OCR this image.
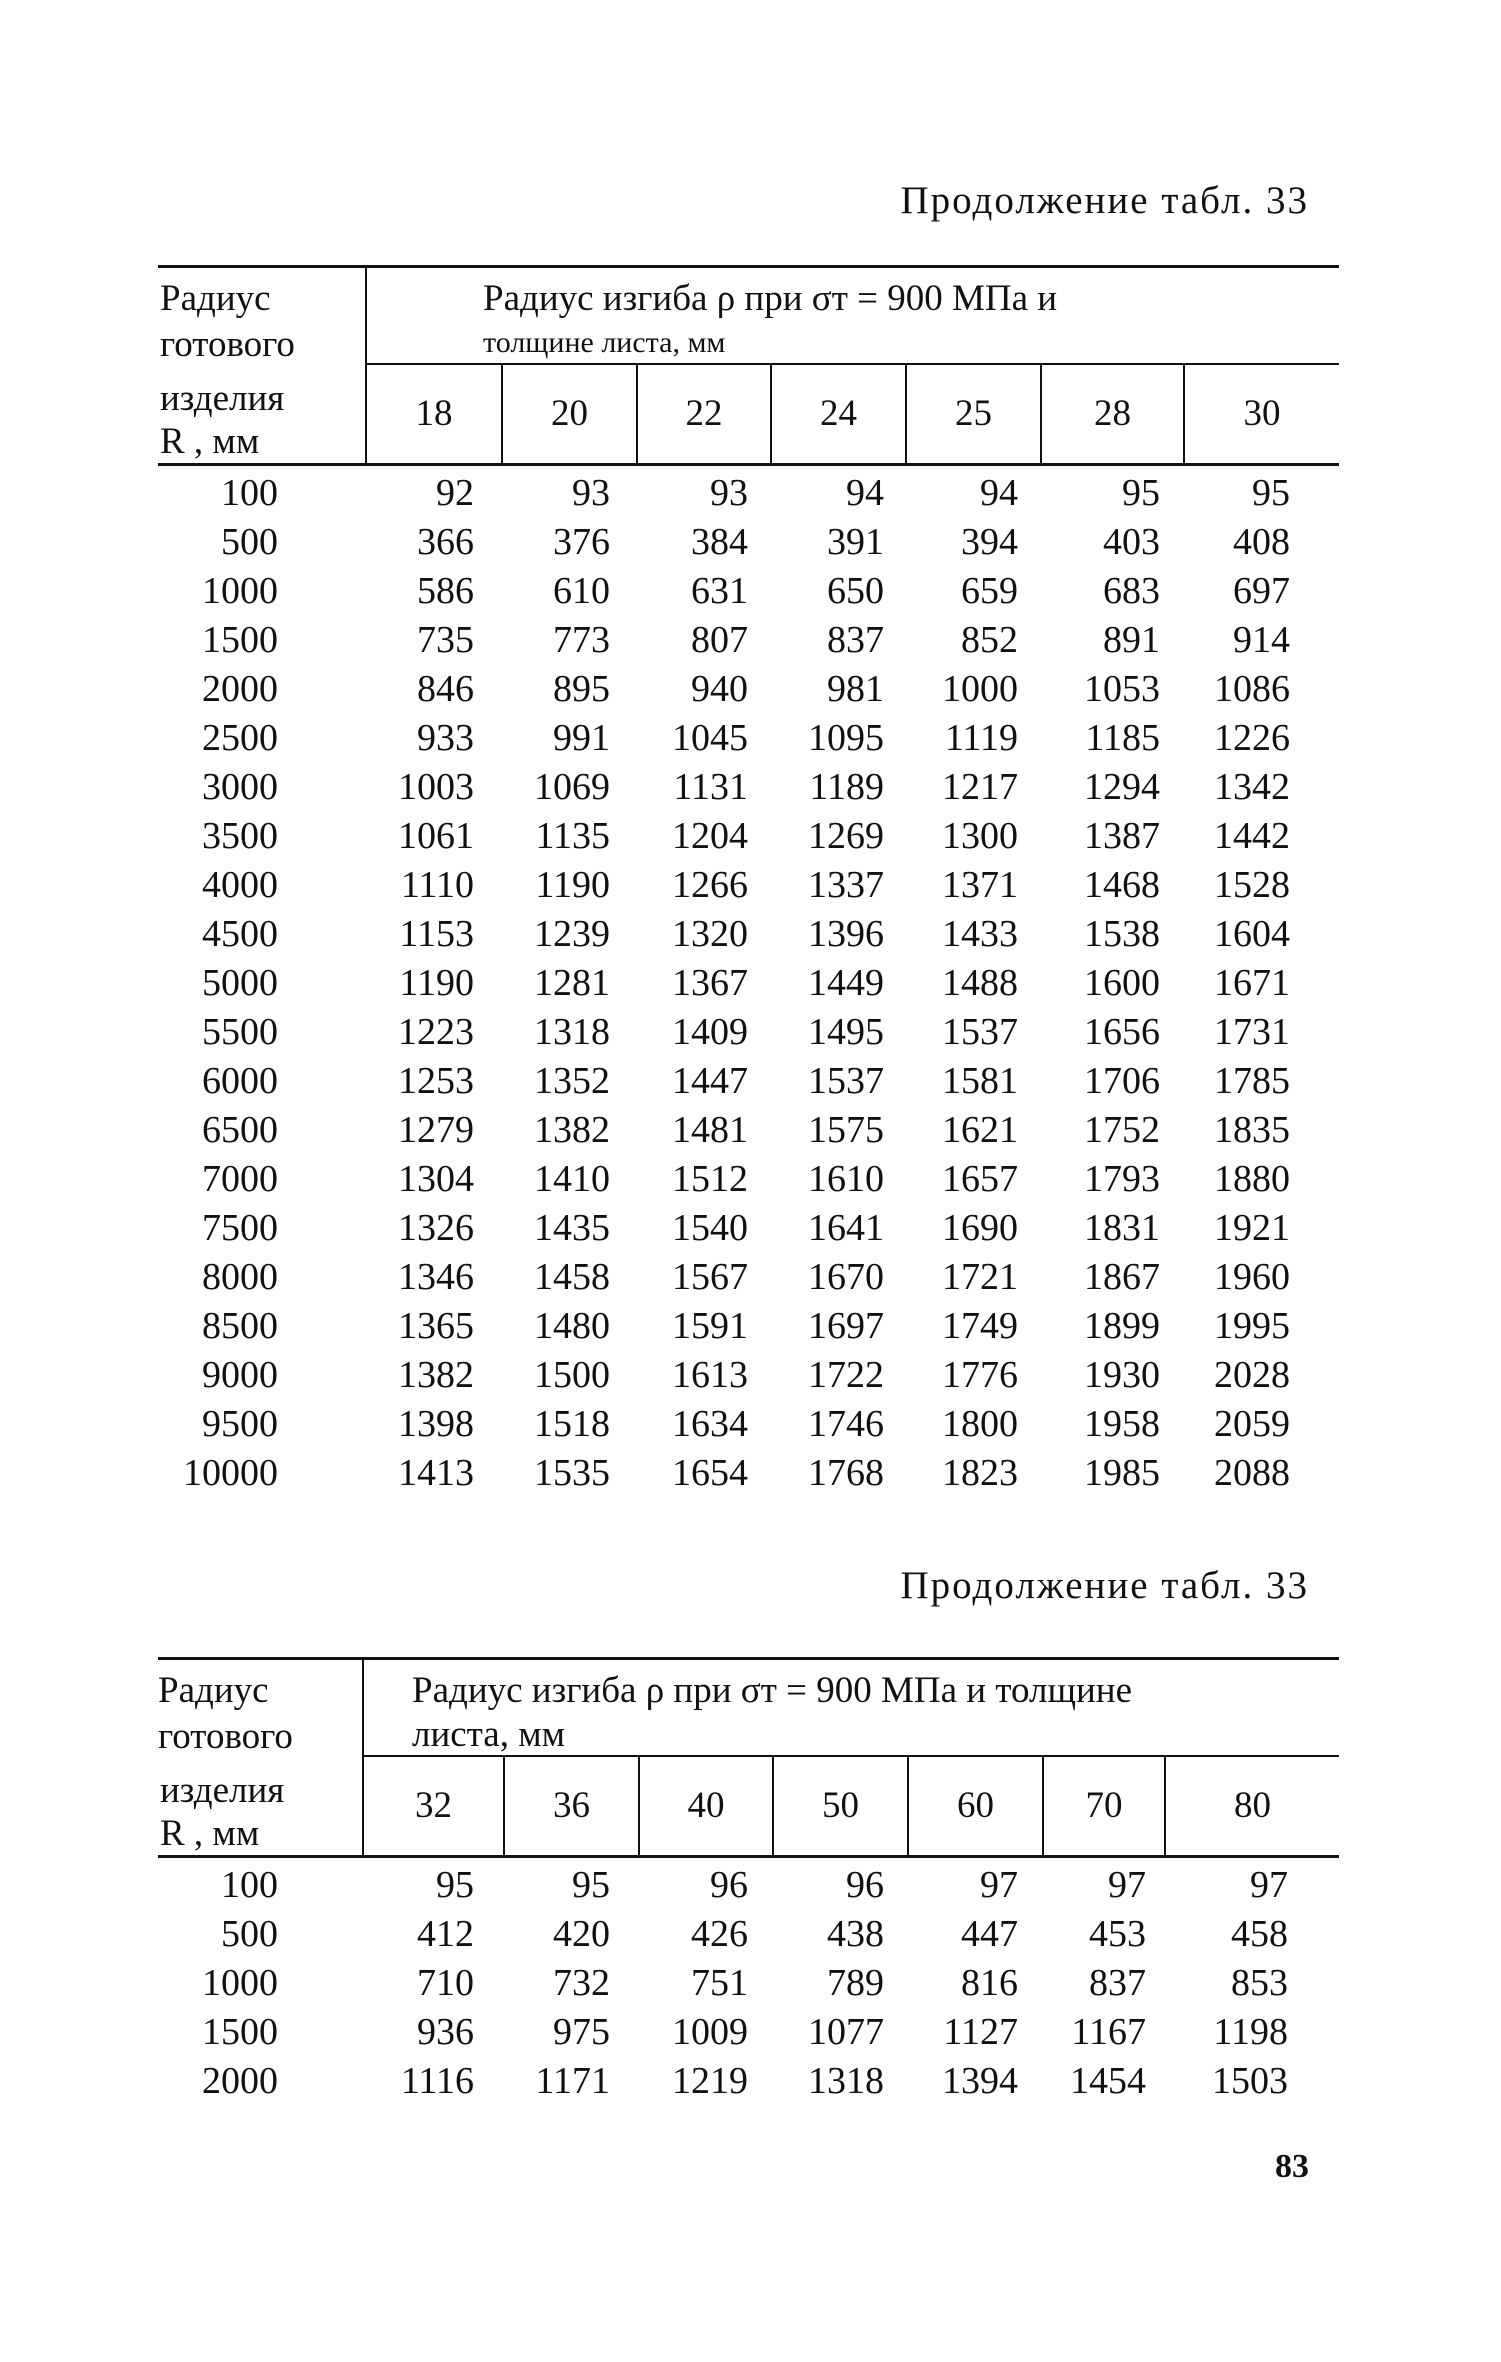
Продолжение табл. 33
Радиус
готового
изделия
R , мм
Радиус изгиба ρ при σт = 900 МПа и
толщине листа, мм
18	20	22	24	25	28	30
100	92	93	93	94	94	95 95
500	366 376 384 391 394 403 408
1000	586 610 631 650 659 683 697
1500	735 773 807 837 852 891 914
2000	846 895 940 981 1000 1053 1086
2500	933 991 1045 1095 1119 1185 1226
3000	1003 1069 1131 1189 1217 1294 1342
3500	1061 1135 1204 1269 1300 1387 1442
4000	1110 1190 1266 1337 1371 1468 1528
4500	1153 1239 1320 1396 1433 1538 1604
5000	1190 1281 1367 1449 1488 1600 1671
5500	1223 1318 1409 1495 1537 1656 1731
6000	1253 1352 1447 1537 1581 1706 1785
6500	1279 1382 1481 1575 1621 1752 1835
7000	1304 1410 1512 1610 1657 1793 1880
7500	1326 1435 1540 1641 1690 1831 1921
8000	1346 1458 1567 1670 1721 1867 1960
8500	1365 1480 1591 1697 1749 1899 1995
9000	1382 1500 1613 1722 1776 1930 2028
9500	1398 1518 1634 1746 1800 1958 2059
10000	1413 1535 1654 1768 1823 1985 2088
Продолжение табл. 33
Радиус
готового
изделия
R , мм
Радиус изгиба ρ при σт = 900 МПа и толщине
листа, мм
32	36	40	50	60	70	80
100	95	95	96	96	97 97	97
500	412 420 426 438 447 453 458
1000	710 732 751 789 816 837 853
1500	936 975 1009 1077 1127 1167 1198
2000	1116 1171 1219 1318 1394 1454 1503
83
